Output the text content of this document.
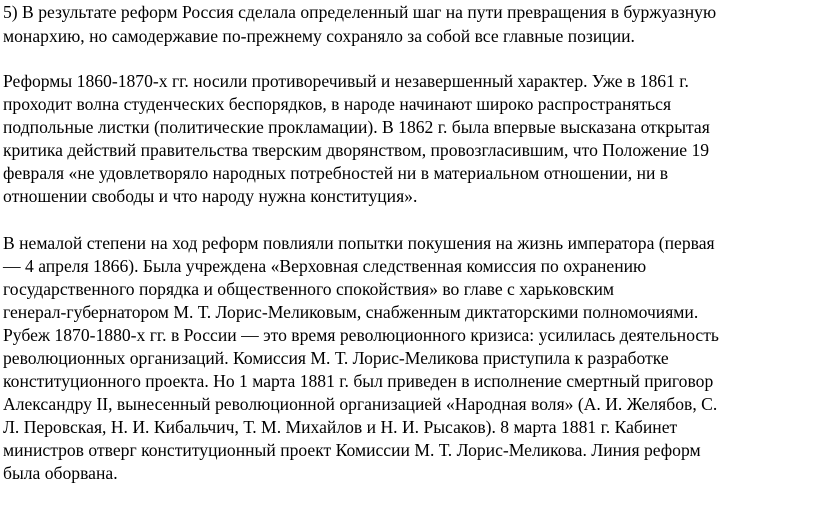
5) В результате реформ Россия сделала определенный шаг на пути превращения в буржуазную
монархию, но самодержавие по-прежнему сохраняло за собой все главные позиции.
Реформы 1860-1870-х гг. носили противоречивый и незавершенный характер. Уже в 1861 г.
проходит волна студенческих беспорядков, в народе начинают широко распространяться
подпольные листки (политические прокламации). В 1862 г. была впервые высказана открытая
критика действий правительства тверским дворянством, провозгласившим, что Положение 19
февраля «не удовлетворяло народных потребностей ни в материальном отношении, ни в
отношении свободы и что народу нужна конституция».
В немалой степени на ход реформ повлияли попытки покушения на жизнь императора (первая
— 4 апреля 1866). Была учреждена «Верховная следственная комиссия по охранению
государственного порядка и общественного спокойствия» во главе с харьковским
генерал-губернатором М. Т. Лорис-Меликовым, снабженным диктаторскими полномочиями.
Рубеж 1870-1880-х гг. в России — это время революционного кризиса: усилилась деятельность
революционных организаций. Комиссия М. Т. Лорис-Меликова приступила к разработке
конституционного проекта. Но 1 марта 1881 г. был приведен в исполнение смертный приговор
Александру II, вынесенный революционной организацией «Народная воля» (А. И. Желябов, С.
Л. Перовская, Н. И. Кибальчич, Т. М. Михайлов и Н. И. Рысаков). 8 марта 1881 г. Кабинет
министров отверг конституционный проект Комиссии М. Т. Лорис-Меликова. Линия реформ
была оборвана.
